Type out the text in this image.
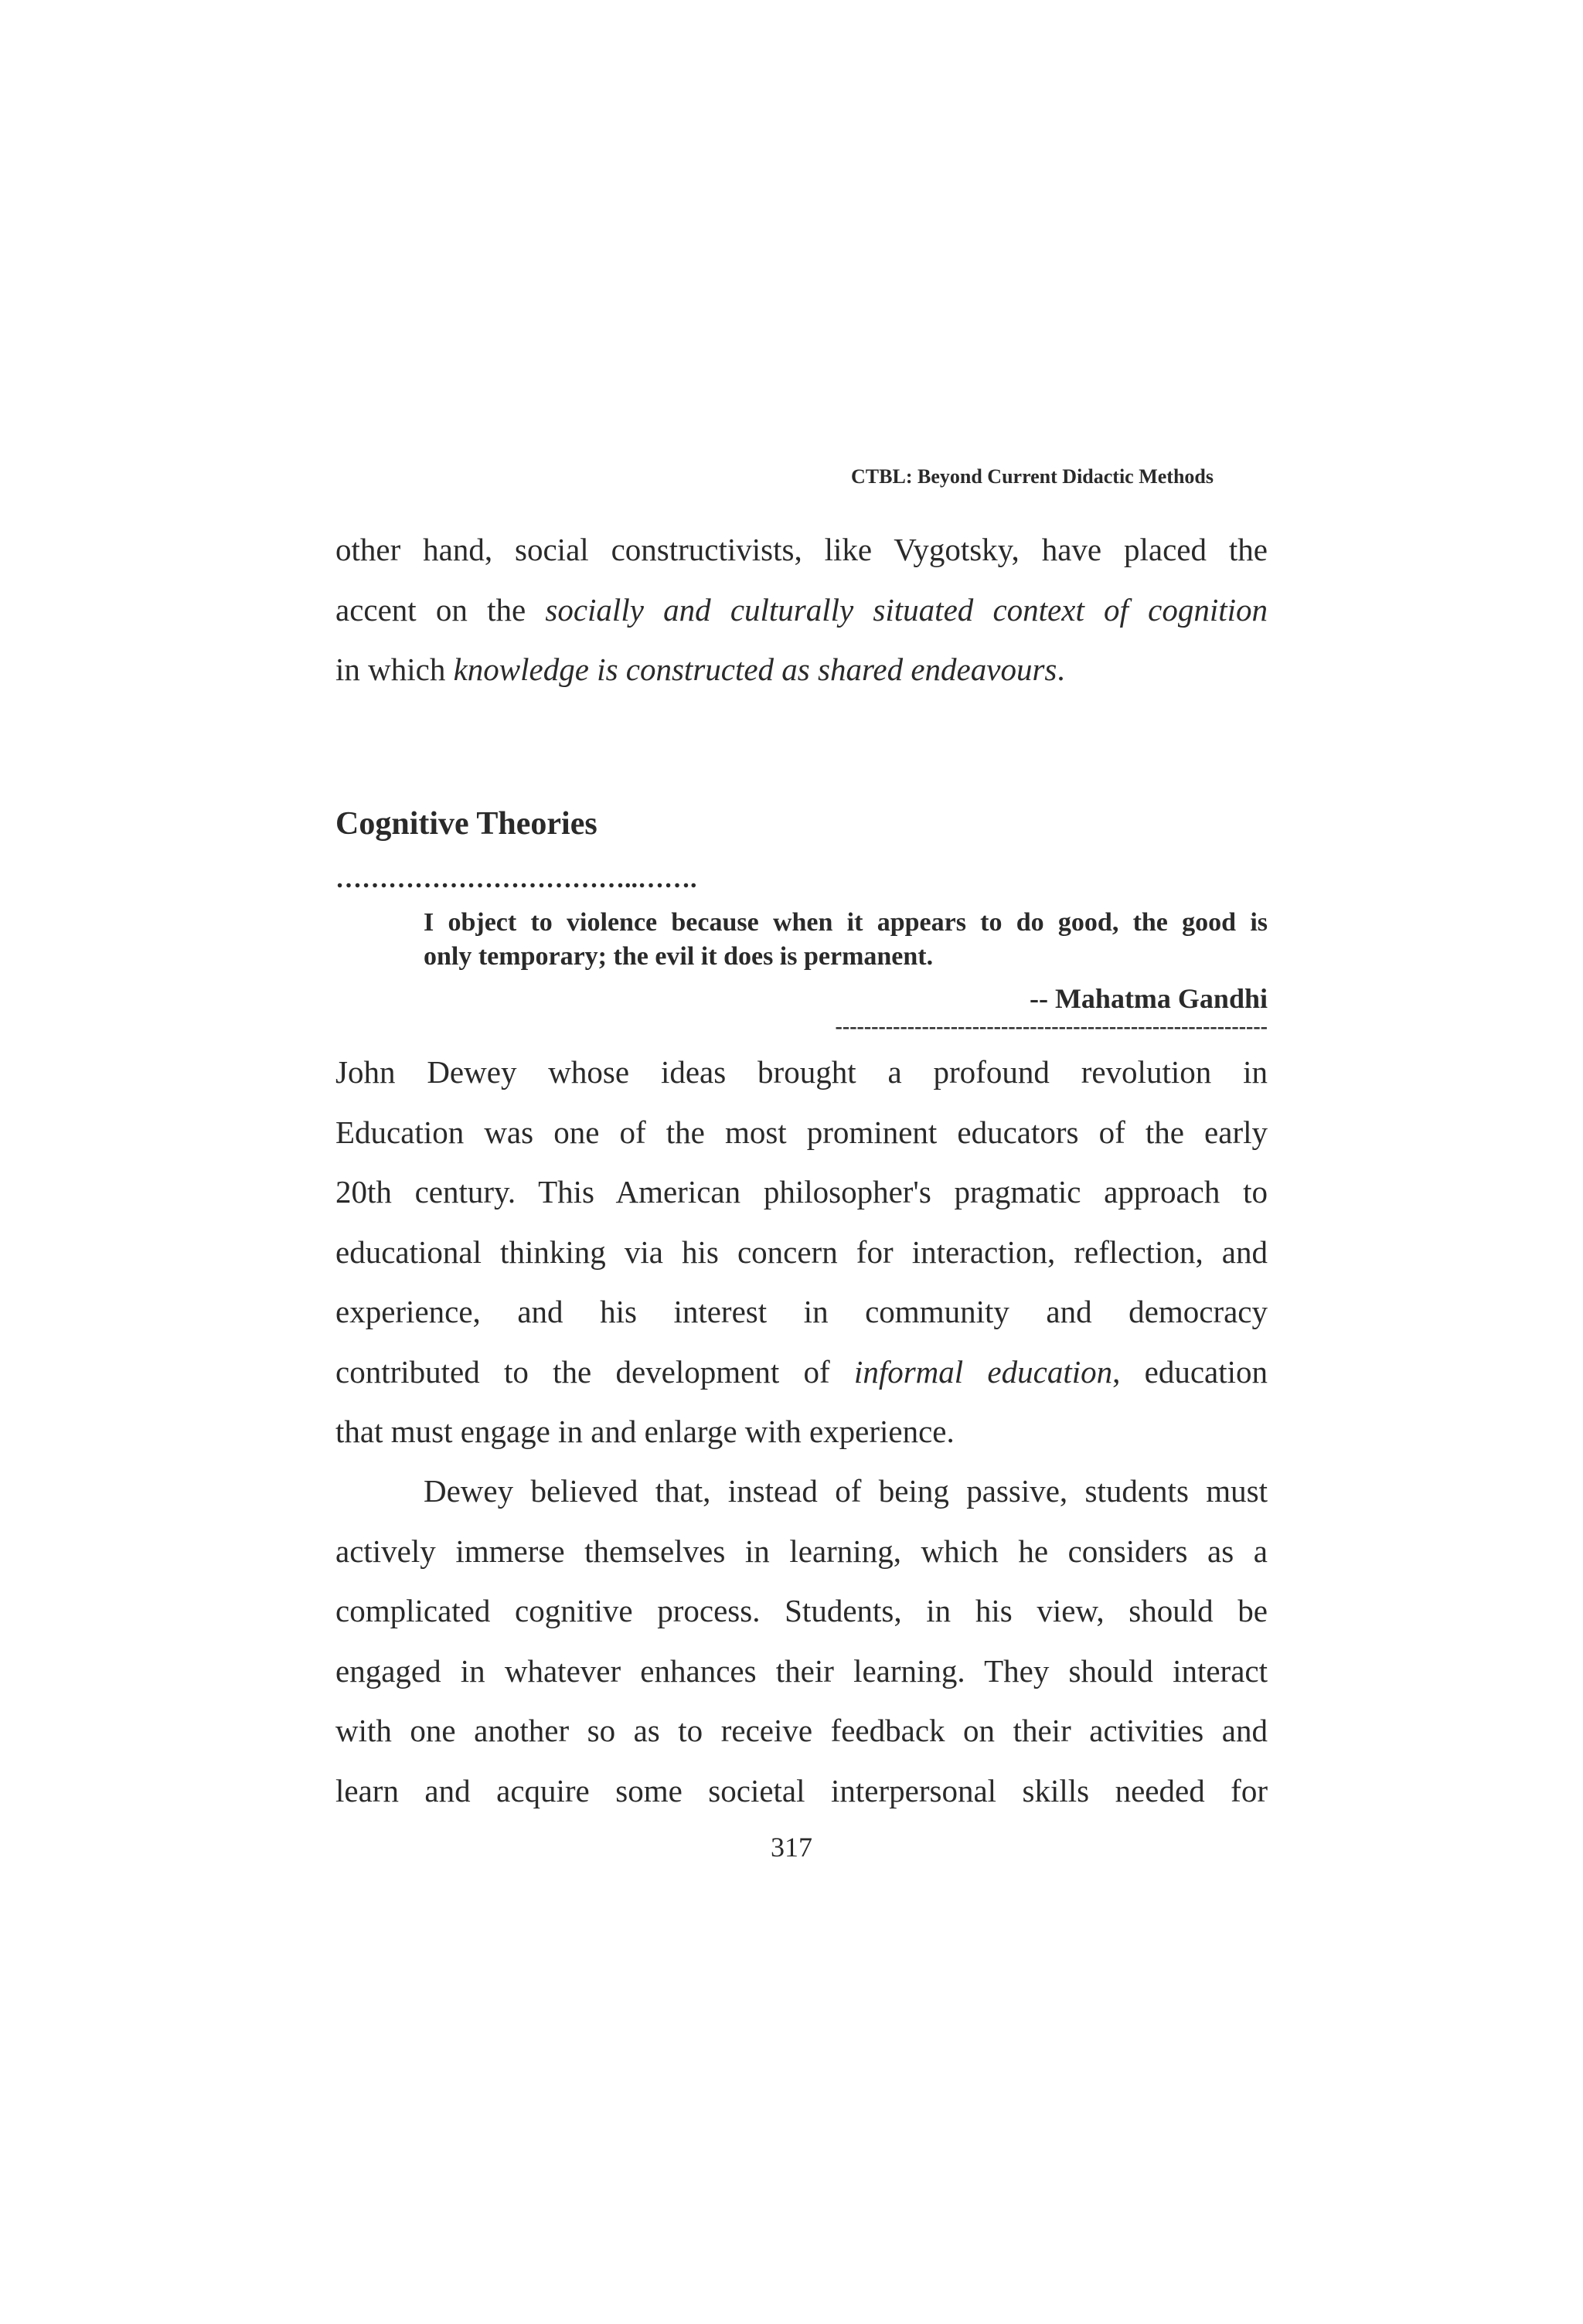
CTBL: Beyond Current Didactic Methods
other hand, social constructivists, like Vygotsky, have placed the
accent on the socially and culturally situated context of cognition
in which knowledge is constructed as shared endeavours.
Cognitive Theories
……………………………..…….
I object to violence because when it appears to do good, the good is
only temporary; the evil it does is permanent.
-- Mahatma Gandhi
------------------------------------------------------------
John Dewey whose ideas brought a profound revolution in
Education was one of the most prominent educators of the early
20th century. This American philosopher's pragmatic approach to
educational thinking via his concern for interaction, reflection, and
experience, and his interest in community and democracy
contributed to the development of informal education, education
that must engage in and enlarge with experience.
Dewey believed that, instead of being passive, students must
actively immerse themselves in learning, which he considers as a
complicated cognitive process. Students, in his view, should be
engaged in whatever enhances their learning. They should interact
with one another so as to receive feedback on their activities and
learn and acquire some societal interpersonal skills needed for
317
